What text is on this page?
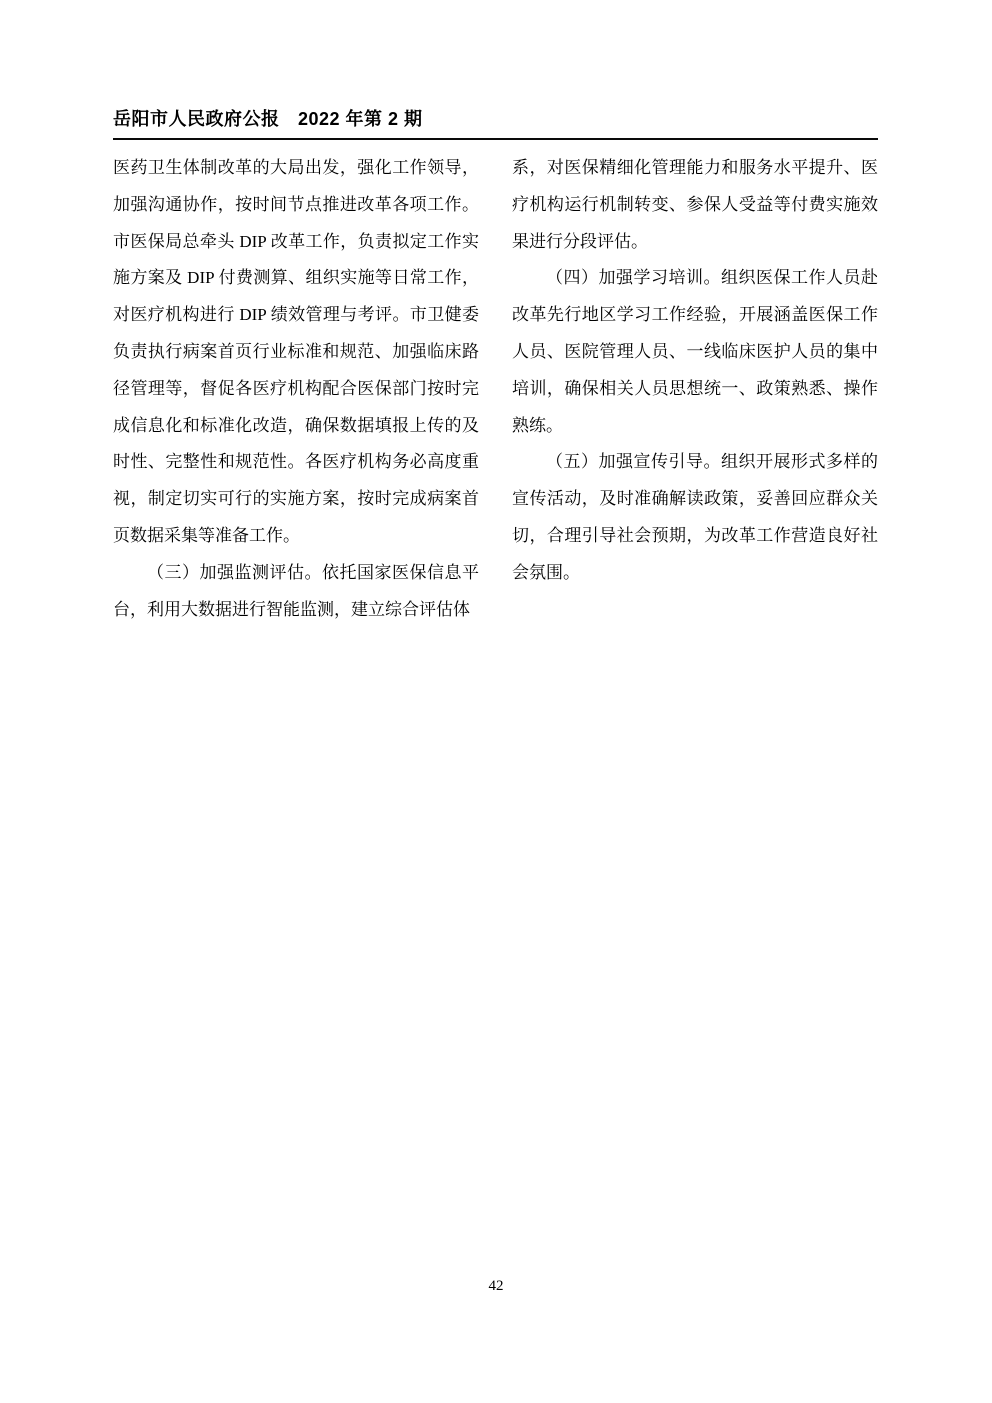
岳阳市人民政府公报　2022 年第 2 期

医药卫生体制改革的大局出发，强化工作领导，加强沟通协作，按时间节点推进改革各项工作。市医保局总牵头 DIP 改革工作，负责拟定工作实施方案及 DIP 付费测算、组织实施等日常工作，对医疗机构进行 DIP 绩效管理与考评。市卫健委负责执行病案首页行业标准和规范、加强临床路径管理等，督促各医疗机构配合医保部门按时完成信息化和标准化改造，确保数据填报上传的及时性、完整性和规范性。各医疗机构务必高度重视，制定切实可行的实施方案，按时完成病案首页数据采集等准备工作。

（三）加强监测评估。依托国家医保信息平台，利用大数据进行智能监测，建立综合评估体

系，对医保精细化管理能力和服务水平提升、医疗机构运行机制转变、参保人受益等付费实施效果进行分段评估。

（四）加强学习培训。组织医保工作人员赴改革先行地区学习工作经验，开展涵盖医保工作人员、医院管理人员、一线临床医护人员的集中培训，确保相关人员思想统一、政策熟悉、操作熟练。

（五）加强宣传引导。组织开展形式多样的宣传活动，及时准确解读政策，妥善回应群众关切，合理引导社会预期，为改革工作营造良好社会氛围。

42
